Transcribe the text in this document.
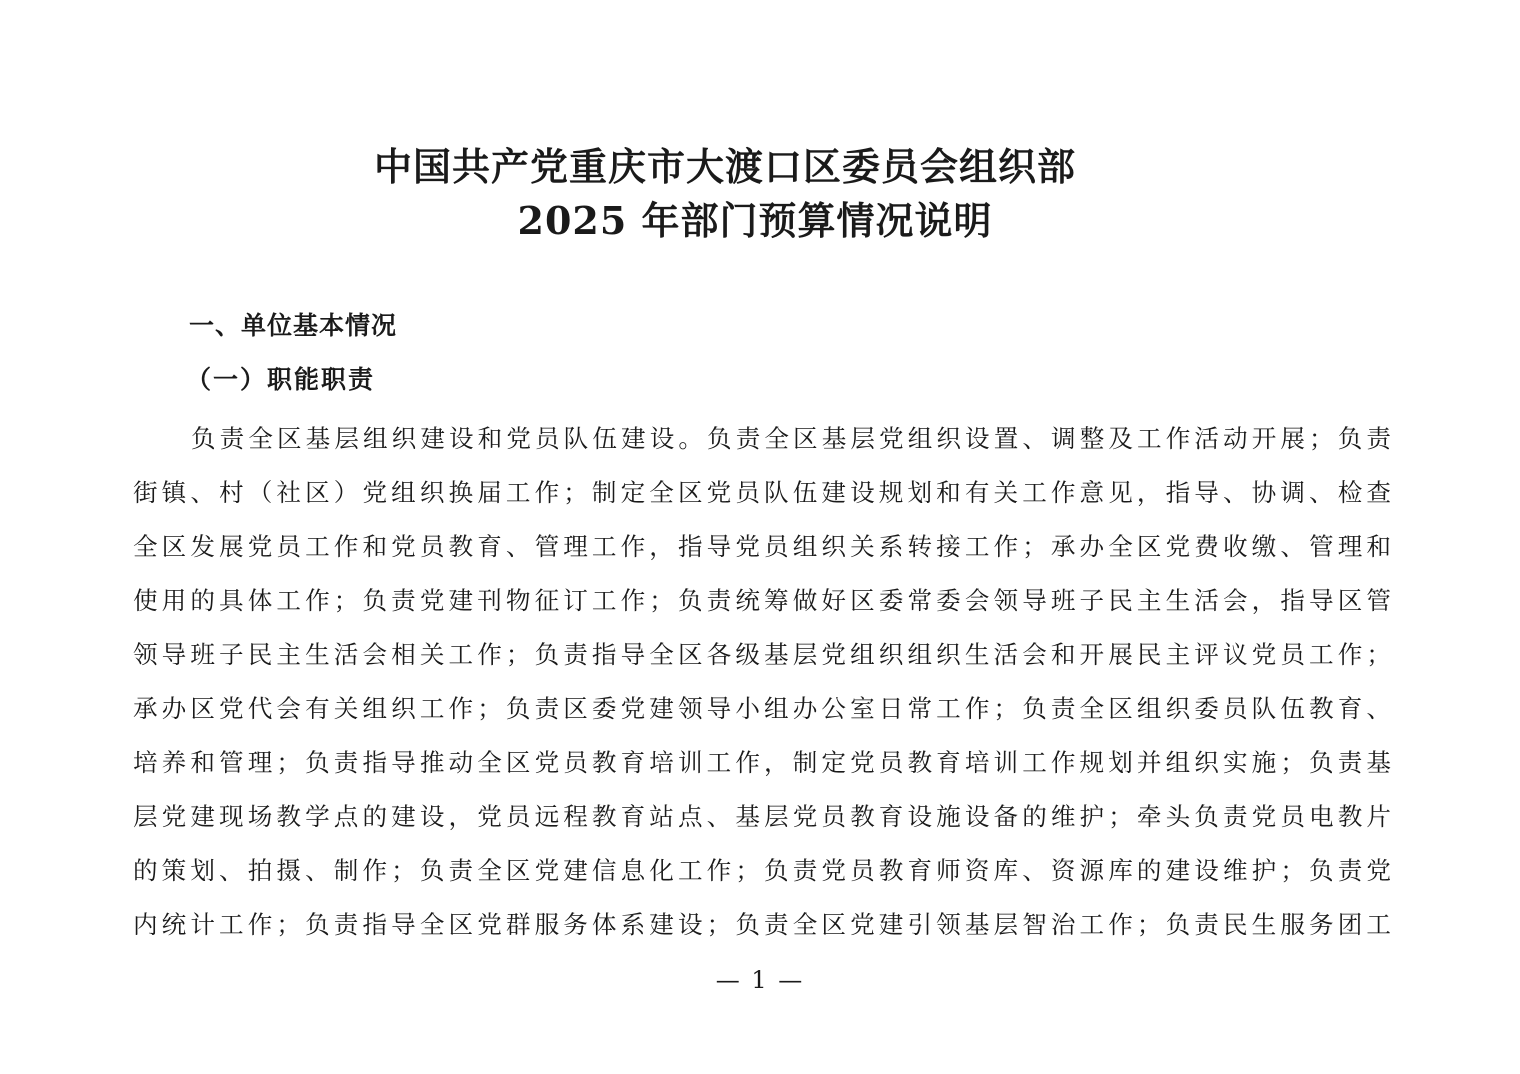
中国共产党重庆市大渡口区委员会组织部
2025 年部门预算情况说明
一、单位基本情况
（一）职能职责
负责全区基层组织建设和党员队伍建设。负责全区基层党组织设置、调整及工作活动开展；负责
街镇、村（社区）党组织换届工作；制定全区党员队伍建设规划和有关工作意见，指导、协调、检查
全区发展党员工作和党员教育、管理工作，指导党员组织关系转接工作；承办全区党费收缴、管理和
使用的具体工作；负责党建刊物征订工作；负责统筹做好区委常委会领导班子民主生活会，指导区管
领导班子民主生活会相关工作；负责指导全区各级基层党组织组织生活会和开展民主评议党员工作；
承办区党代会有关组织工作；负责区委党建领导小组办公室日常工作；负责全区组织委员队伍教育、
培养和管理；负责指导推动全区党员教育培训工作，制定党员教育培训工作规划并组织实施；负责基
层党建现场教学点的建设，党员远程教育站点、基层党员教育设施设备的维护；牵头负责党员电教片
的策划、拍摄、制作；负责全区党建信息化工作；负责党员教育师资库、资源库的建设维护；负责党
内统计工作；负责指导全区党群服务体系建设；负责全区党建引领基层智治工作；负责民生服务团工
— 1 —
